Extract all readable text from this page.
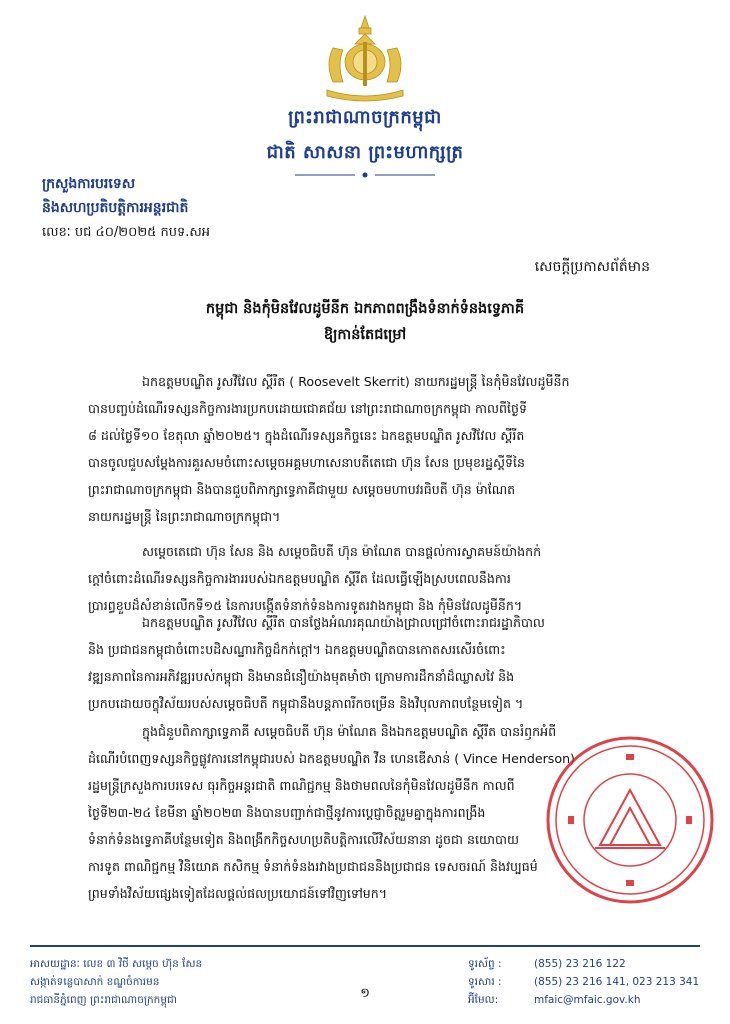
ព្រះរាជាណាចក្រកម្ពុជា
ជាតិ សាសនា ព្រះមហាក្សត្រ
ក្រសួងការបរទេស
និងសហប្រតិបត្តិការអន្តរជាតិ
លេខៈ បជ ៤០/២០២៥ កបទ.សអ
សេចក្តីប្រកាសព័ត៌មាន
កម្ពុជា និងកុំមិនវែលដូមីនីក ឯកភាពពង្រឹងទំនាក់ទំនងទ្វេភាគី
ឱ្យកាន់តែជម្រៅ

ឯកឧត្តមបណ្ឌិត រូសវីវែល ស្គីរីត ( Roosevelt Skerrit) នាយករដ្ឋមន្ត្រី នៃកុំមិនវែលដូមីនីក
បានបញ្ចប់ដំណើរទស្សនកិច្ចការងារប្រកបដោយជោគជ័យ នៅព្រះរាជាណាចក្រកម្ពុជា កាលពីថ្ងៃទី
៨ ដល់ថ្ងៃទី១០ ខែតុលា ឆ្នាំ២០២៥។ ក្នុងដំណើរទស្សនកិច្ចនេះ ឯកឧត្តមបណ្ឌិត រូសវីវែល ស្គីរីត
បានចូលជួបសម្តែងការគួរសមចំពោះសម្តេចអគ្គមហាសេនាបតីតេជោ ហ៊ុន សែន ប្រមុខរដ្ឋស្តីទីនៃ
ព្រះរាជាណាចក្រកម្ពុជា និងបានជួបពិភាក្សាទ្វេភាគីជាមួយ សម្តេចមហាបវរធិបតី ហ៊ុន ម៉ាណែត
នាយករដ្ឋមន្ត្រី នៃព្រះរាជាណាចក្រកម្ពុជា។

សម្តេចតេជោ ហ៊ុន សែន និង សម្តេចធិបតី ហ៊ុន ម៉ាណែត បានផ្តល់ការស្វាគមន៍យ៉ាងកក់
ក្តៅចំពោះដំណើរទស្សនកិច្ចការងាររបស់ឯកឧត្តមបណ្ឌិត ស្គីរីត ដែលធ្វើឡើងស្របពេលនឹងការ
ប្រារព្ធខួបដ៏សំខាន់លើកទី១៥ នៃការបង្កើតទំនាក់ទំនងការទូតរវាងកម្ពុជា និង កុំមិនវែលដូមីនីក។

ឯកឧត្តមបណ្ឌិត រូសវីវែល ស្គីរីត បានថ្លែងអំណរគុណយ៉ាងជ្រាលជ្រៅចំពោះរាជរដ្ឋាភិបាល
និង ប្រជាជនកម្ពុជាចំពោះបដិសណ្ឋារកិច្ចដ៏កក់ក្តៅ។ ឯកឧត្តមបណ្ឌិតបានកោតសរសើរចំពោះ
វឌ្ឍនភាពនៃការអភិវឌ្ឍរបស់កម្ពុជា និងមានជំនឿយ៉ាងមុតមាំថា ក្រោមការដឹកនាំដ៏ឈ្លាសវៃ និង
ប្រកបដោយចក្ខុវិស័យរបស់សម្តេចធិបតី កម្ពុជានឹងបន្តភាពរីកចម្រើន និងវិបុលភាពបន្ថែមទៀត ។

ក្នុងជំនួបពិភាក្សាទ្វេភាគី សម្តេចធិបតី ហ៊ុន ម៉ាណែត និងឯកឧត្តមបណ្ឌិត ស្គីរីត បានរំឭកអំពី
ដំណើរបំពេញទស្សនកិច្ចផ្លូវការនៅកម្ពុជារបស់ ឯកឧត្តមបណ្ឌិត វីន ហេនឌើសាន់ ( Vince Henderson)
រដ្ឋមន្ត្រីក្រសួងការបរទេស ធុរកិច្ចអន្តរជាតិ ពាណិជ្ជកម្ម និងថាមពលនៃកុំមិនវែលដូមីនីក កាលពី
ថ្ងៃទី២៣-២៤ ខែមីនា ឆ្នាំ២០២៣ និងបានបញ្ជាក់ជាថ្មីនូវការប្តេជ្ញាចិត្តរួមគ្នាក្នុងការពង្រឹង
ទំនាក់ទំនងទ្វេភាគីបន្ថែមទៀត និងពង្រីកកិច្ចសហប្រតិបត្តិការលើវិស័យនានា ដូចជា នយោបាយ
ការទូត ពាណិជ្ជកម្ម វិនិយោគ កសិកម្ម ទំនាក់ទំនងរវាងប្រជាជននិងប្រជាជន ទេសចរណ៍ និងវប្បធម៌
ព្រមទាំងវិស័យផ្សេងទៀតដែលផ្តល់ផលប្រយោជន៍ទៅវិញទៅមក។

អាសយដ្ឋានៈ លេខ ៣ វិថី សម្តេច ហ៊ុន សែន
សង្កាត់ទន្លេបាសាក់ ខណ្ឌចំការមន
រាជធានីភ្នំពេញ ព្រះរាជាណាចក្រកម្ពុជា	១
ទូរស័ព្ទ :	(855) 23 216 122
ទូរសារ :	(855) 23 216 141, 023 213 341
អ៊ីមែល:	mfaic@mfaic.gov.kh
